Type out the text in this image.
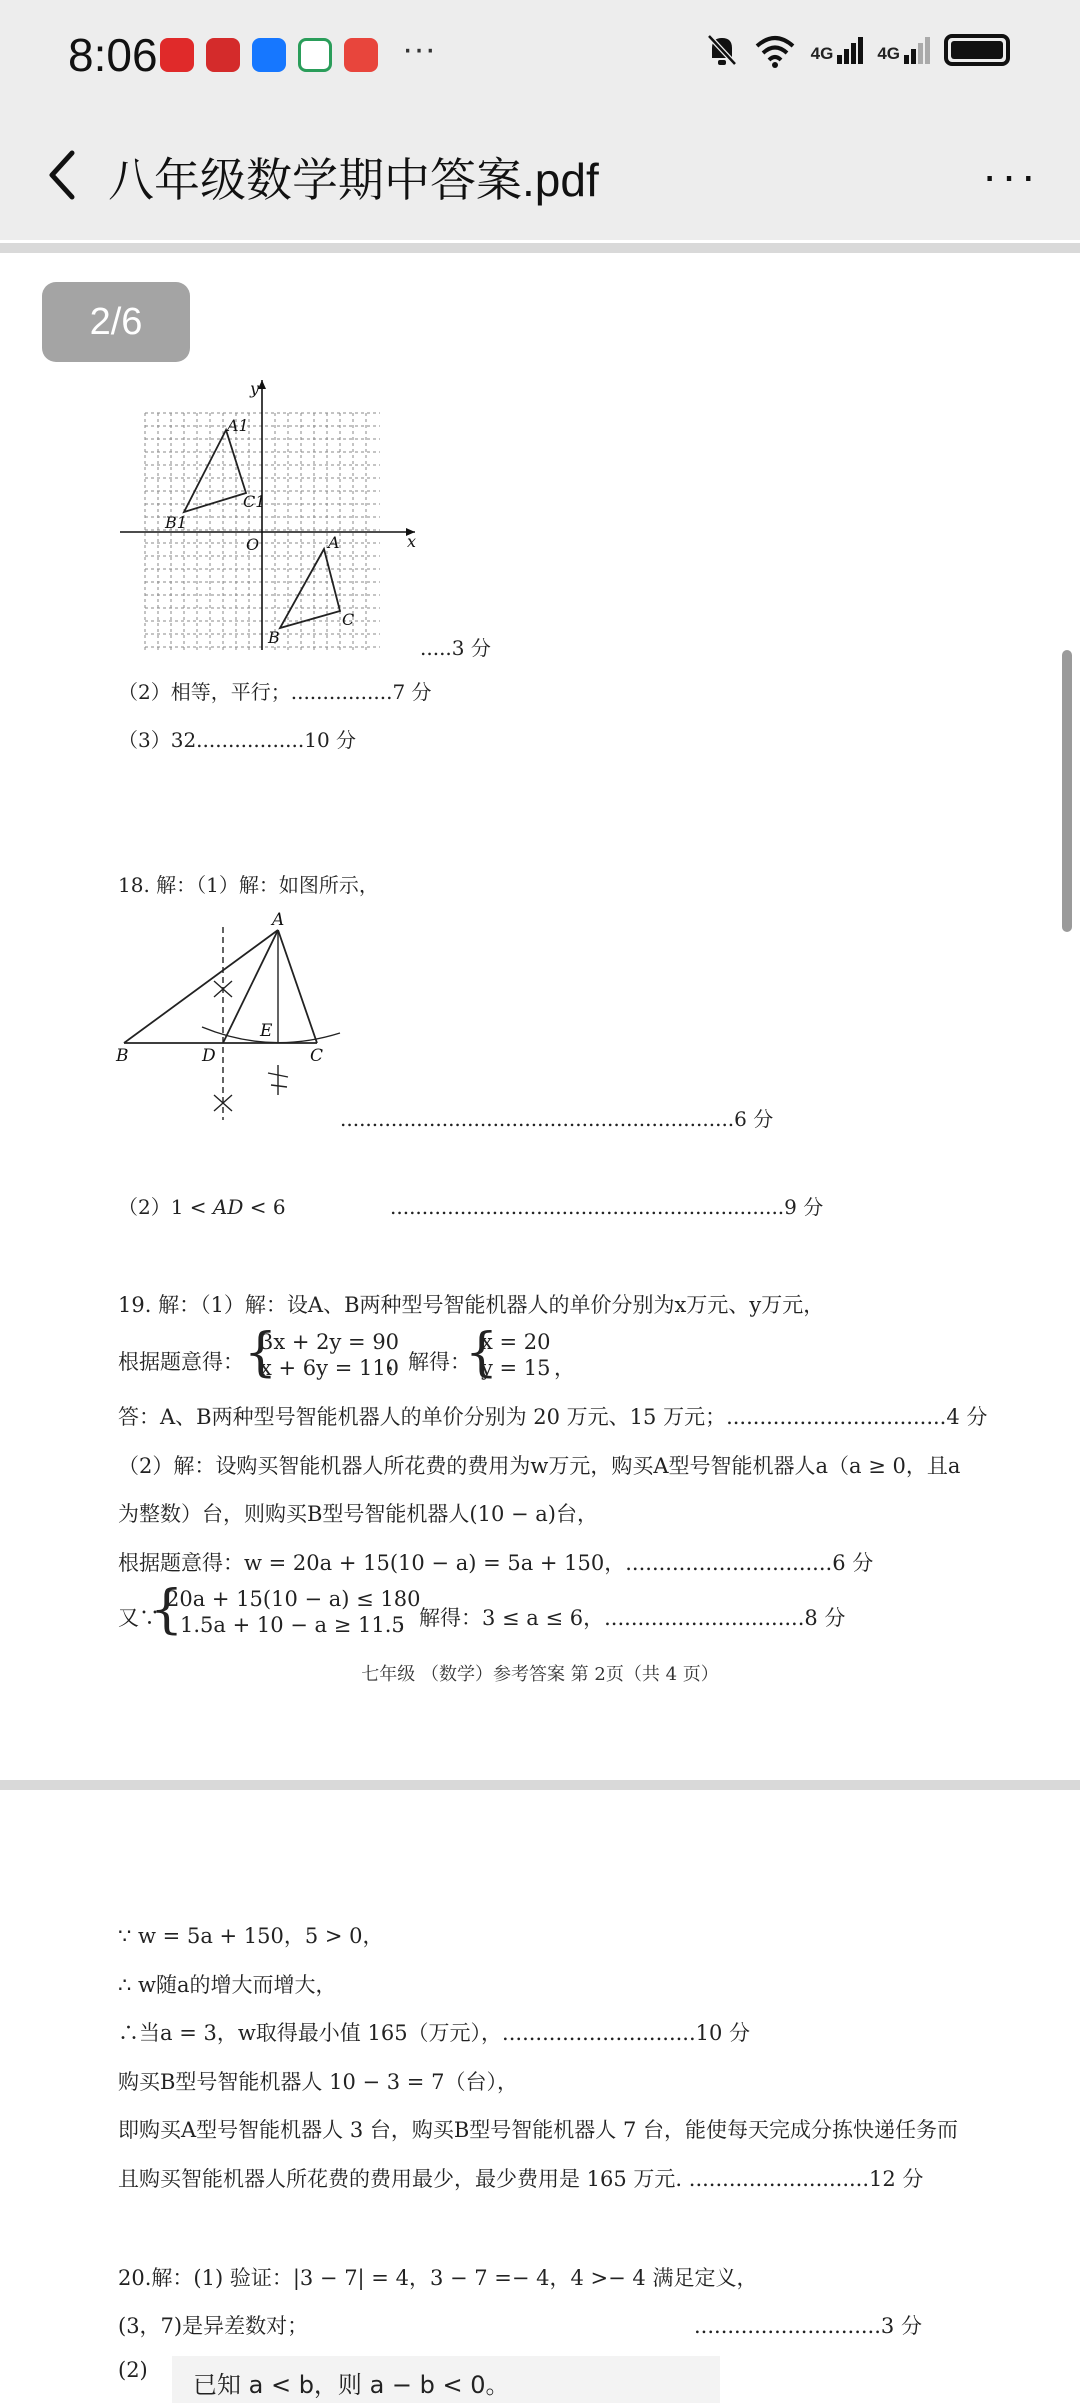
8:06	···	4G	4G
八年级数学期中答案.pdf	···
2/6
y
x
O
A1
B1
C1
A
B
C
.....3 分
（2）相等，平行；................7 分
（3）32.................10 分
18. 解：（1）解：如图所示，
A
B	C
D
E
..............................................................6 分
（2）1 < AD < 6	..............................................................9 分
19. 解：（1）解：设A、B两种型号智能机器人的单价分别为x万元、y万元，
根据题意得： {
3x + 2y = 90
x + 6y = 110
，解得：
{
x = 20
y = 15 ，
答：A、B两种型号智能机器人的单价分别为 20 万元、15 万元；.................................4 分
（2）解：设购买智能机器人所花费的费用为w万元，购买A型号智能机器人a（a ≥ 0，且a
为整数）台，则购买B型号智能机器人(10 − a)台，
根据题意得：w = 20a + 15(10 − a) = 5a + 150，...............................6 分
又∵
{
20a + 15(10 − a) ≤ 180
1.5a + 10 − a ≥ 11.5
，解得：3 ≤ a ≤ 6，..............................8 分
七年级 （数学）参考答案 第 2页（共 4 页）
∵ w = 5a + 150，5 > 0，
∴ w随a的增大而增大，
∴当a = 3，w取得最小值 165（万元），.............................10 分
购买B型号智能机器人 10 − 3 = 7（台），
即购买A型号智能机器人 3 台，购买B型号智能机器人 7 台，能使每天完成分拣快递任务而
且购买智能机器人所花费的费用最少，最少费用是 165 万元. ...........................12 分
20.解：(1) 验证：|3 − 7| = 4，3 − 7 =− 4，4 >− 4 满足定义，
(3，7)是异差数对；	............................3 分
(2)
已知 a < b，则 a − b < 0。
